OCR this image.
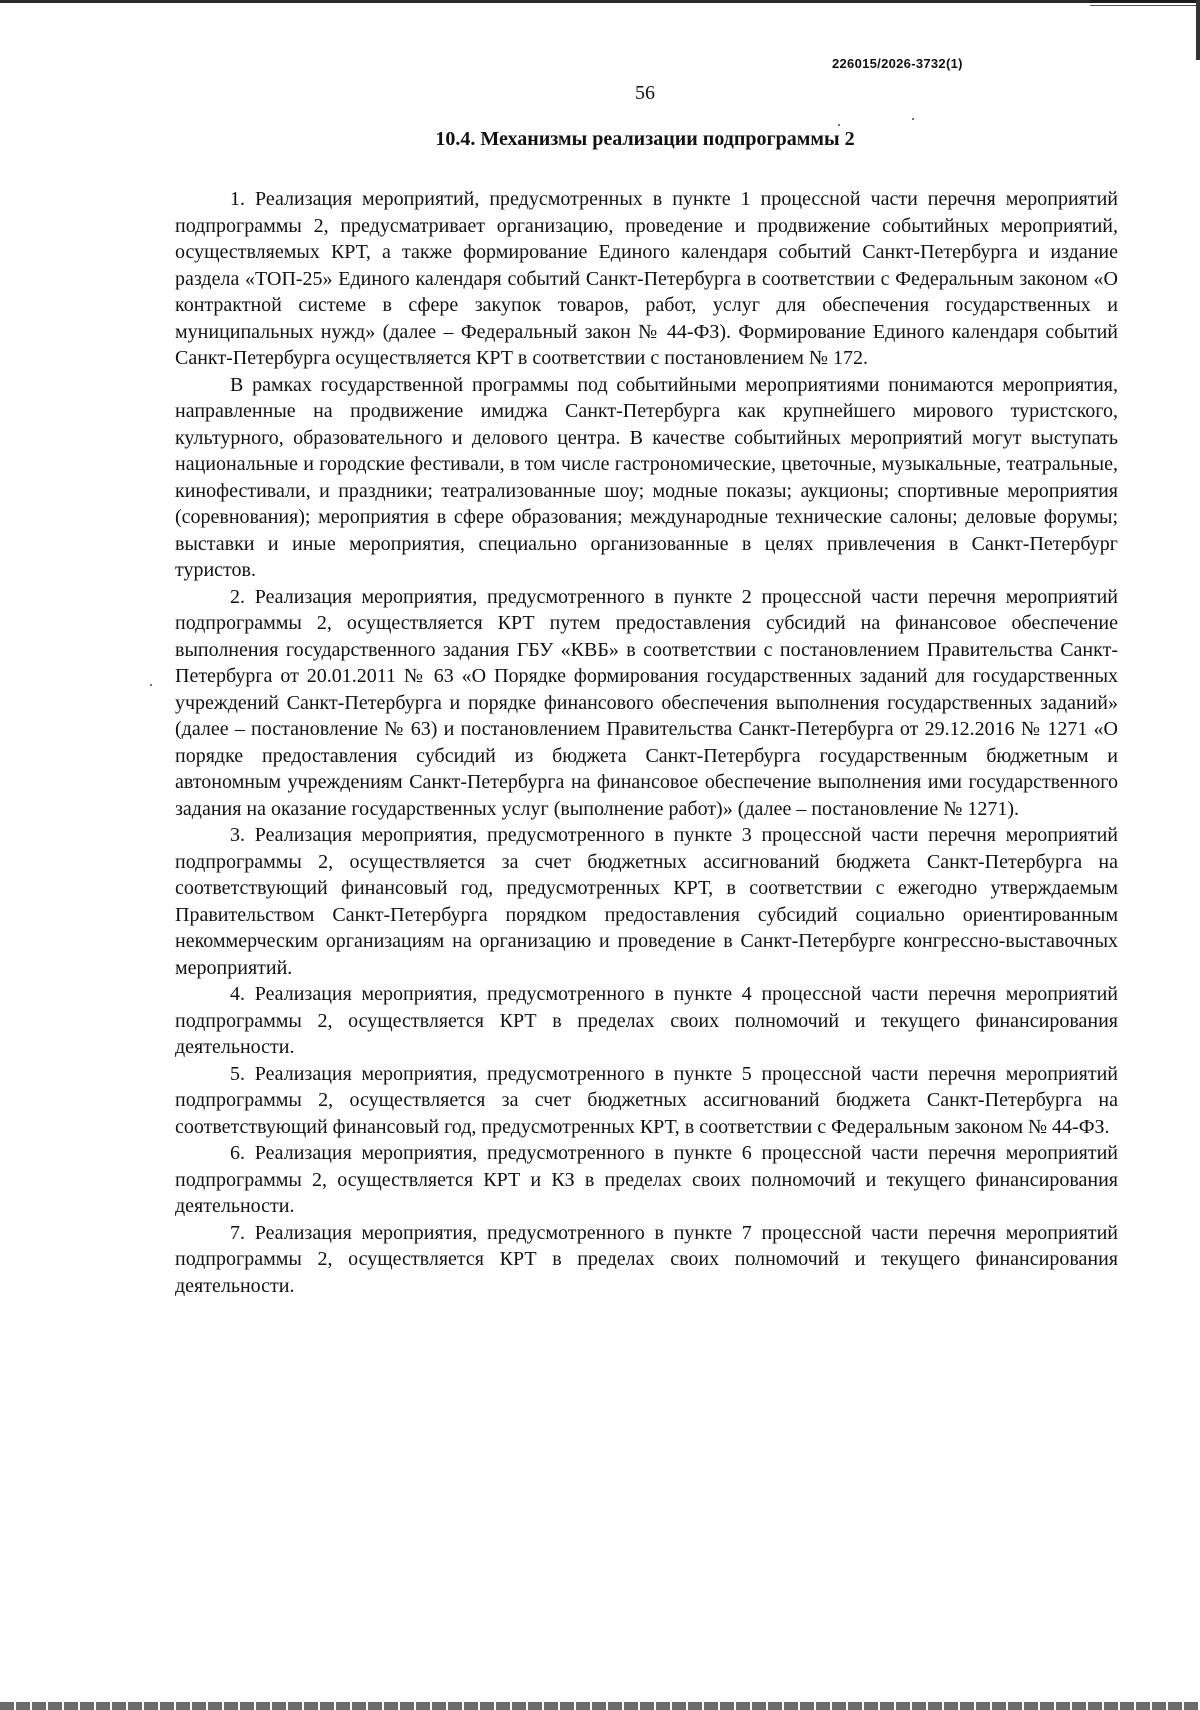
226015/2026-3732(1)
56
10.4. Механизмы реализации подпрограммы 2

1. Реализация мероприятий, предусмотренных в пункте 1 процессной части перечня мероприятий подпрограммы 2, предусматривает организацию, проведение и продвижение событийных мероприятий, осуществляемых КРТ, а также формирование Единого календаря событий Санкт-Петербурга и издание раздела «ТОП-25» Единого календаря событий Санкт-Петербурга в соответствии с Федеральным законом «О контрактной системе в сфере закупок товаров, работ, услуг для обеспечения государственных и муниципальных нужд» (далее – Федеральный закон № 44-ФЗ). Формирование Единого календаря событий Санкт-Петербурга осуществляется КРТ в соответствии с постановлением № 172.

В рамках государственной программы под событийными мероприятиями понимаются мероприятия, направленные на продвижение имиджа Санкт-Петербурга как крупнейшего мирового туристского, культурного, образовательного и делового центра. В качестве событийных мероприятий могут выступать национальные и городские фестивали, в том числе гастрономические, цветочные, музыкальные, театральные, кинофестивали, и праздники; театрализованные шоу; модные показы; аукционы; спортивные мероприятия (соревнования); мероприятия в сфере образования; международные технические салоны; деловые форумы; выставки и иные мероприятия, специально организованные в целях привлечения в Санкт-Петербург туристов.

2. Реализация мероприятия, предусмотренного в пункте 2 процессной части перечня мероприятий подпрограммы 2, осуществляется КРТ путем предоставления субсидий на финансовое обеспечение выполнения государственного задания ГБУ «КВБ» в соответствии с постановлением Правительства Санкт-Петербурга от 20.01.2011 № 63 «О Порядке формирования государственных заданий для государственных учреждений Санкт-Петербурга и порядке финансового обеспечения выполнения государственных заданий» (далее – постановление № 63) и постановлением Правительства Санкт-Петербурга от 29.12.2016 № 1271 «О порядке предоставления субсидий из бюджета Санкт-Петербурга государственным бюджетным и автономным учреждениям Санкт-Петербурга на финансовое обеспечение выполнения ими государственного задания на оказание государственных услуг (выполнение работ)» (далее – постановление № 1271).

3. Реализация мероприятия, предусмотренного в пункте 3 процессной части перечня мероприятий подпрограммы 2, осуществляется за счет бюджетных ассигнований бюджета Санкт-Петербурга на соответствующий финансовый год, предусмотренных КРТ, в соответствии с ежегодно утверждаемым Правительством Санкт-Петербурга порядком предоставления субсидий социально ориентированным некоммерческим организациям на организацию и проведение в Санкт-Петербурге конгрессно-выставочных мероприятий.

4. Реализация мероприятия, предусмотренного в пункте 4 процессной части перечня мероприятий подпрограммы 2, осуществляется КРТ в пределах своих полномочий и текущего финансирования деятельности.

5. Реализация мероприятия, предусмотренного в пункте 5 процессной части перечня мероприятий подпрограммы 2, осуществляется за счет бюджетных ассигнований бюджета Санкт-Петербурга на соответствующий финансовый год, предусмотренных КРТ, в соответствии с Федеральным законом № 44-ФЗ.

6. Реализация мероприятия, предусмотренного в пункте 6 процессной части перечня мероприятий подпрограммы 2, осуществляется КРТ и КЗ в пределах своих полномочий и текущего финансирования деятельности.

7. Реализация мероприятия, предусмотренного в пункте 7 процессной части перечня мероприятий подпрограммы 2, осуществляется КРТ в пределах своих полномочий и текущего финансирования деятельности.
